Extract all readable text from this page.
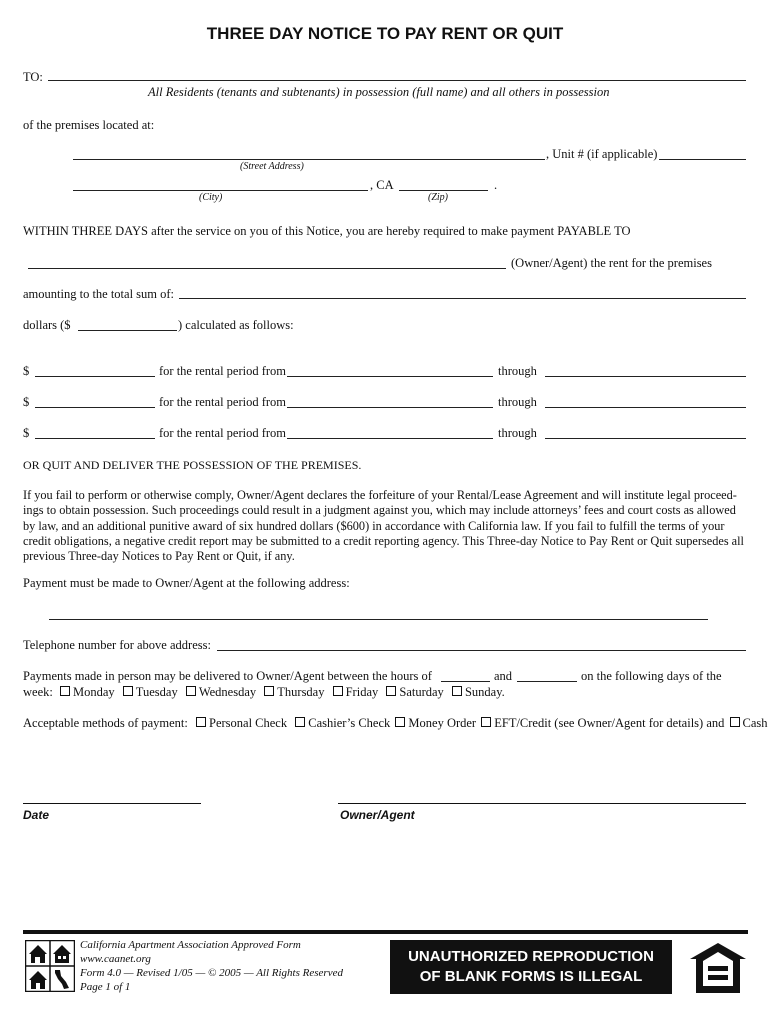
THREE DAY NOTICE TO PAY RENT OR QUIT
TO:
All Residents (tenants and subtenants) in possession (full name) and all others in possession
of the premises located at:
, Unit # (if applicable)
(Street Address)
, CA	.
(City)	(Zip)
WITHIN THREE DAYS after the service on you of this Notice, you are hereby required to make payment PAYABLE TO
(Owner/Agent) the rent for the premises
amounting to the total sum of:
dollars ($	) calculated as follows:
$	for the rental period from	through
$	for the rental period from	through
$	for the rental period from	through
OR QUIT AND DELIVER THE POSSESSION OF THE PREMISES.
If you fail to perform or otherwise comply, Owner/Agent declares the forfeiture of your Rental/Lease Agreement and will institute legal proceed- ings to obtain possession. Such proceedings could result in a judgment against you, which may include attorneys’ fees and court costs as allowed by law, and an additional punitive award of six hundred dollars ($600) in accordance with California law. If you fail to fulfill the terms of your credit obligations, a negative credit report may be submitted to a credit reporting agency. This Three-day Notice to Pay Rent or Quit supersedes all previous Three-day Notices to Pay Rent or Quit, if any.
Payment must be made to Owner/Agent at the following address:
Telephone number for above address:
Payments made in person may be delivered to Owner/Agent between the hours of	and	on the following days of the
week: Monday Tuesday Wednesday Thursday Friday Saturday Sunday.
Acceptable methods of payment: Personal Check Cashier’s Check Money Order EFT/Credit (see Owner/Agent for details) and Cash
Date	Owner/Agent
California Apartment Association Approved Form
www.caanet.org
Form 4.0 — Revised 1/05 — © 2005 — All Rights Reserved
Page 1 of 1
UNAUTHORIZED REPRODUCTION
OF BLANK FORMS IS ILLEGAL
